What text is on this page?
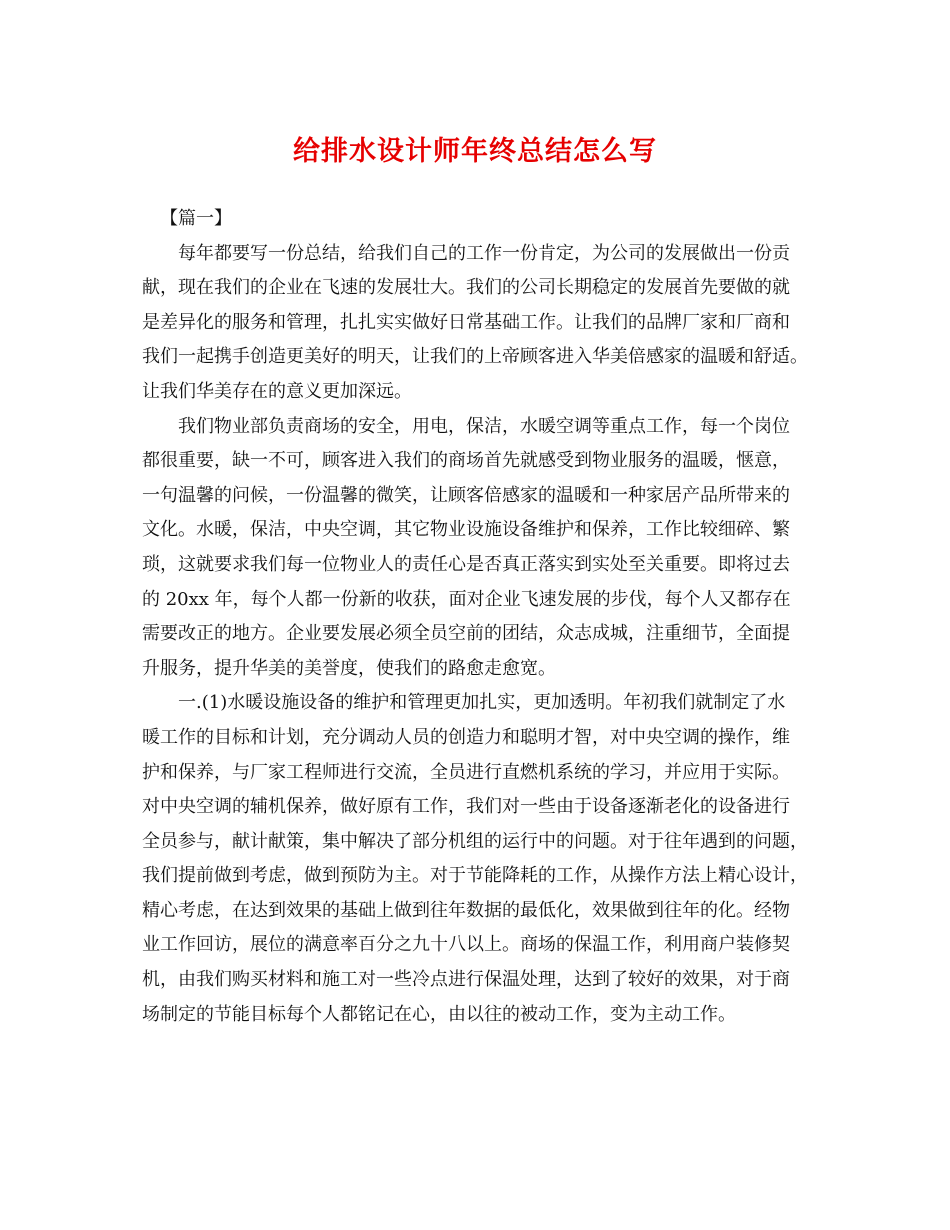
给排水设计师年终总结怎么写
【篇一】
每年都要写一份总结，给我们自己的工作一份肯定，为公司的发展做出一份贡
献，现在我们的企业在飞速的发展壮大。我们的公司长期稳定的发展首先要做的就
是差异化的服务和管理，扎扎实实做好日常基础工作。让我们的品牌厂家和厂商和
我们一起携手创造更美好的明天，让我们的上帝顾客进入华美倍感家的温暖和舒适。
让我们华美存在的意义更加深远。
我们物业部负责商场的安全，用电，保洁，水暖空调等重点工作，每一个岗位
都很重要，缺一不可，顾客进入我们的商场首先就感受到物业服务的温暖，惬意，
一句温馨的问候，一份温馨的微笑，让顾客倍感家的温暖和一种家居产品所带来的
文化。水暖，保洁，中央空调，其它物业设施设备维护和保养，工作比较细碎、繁
琐，这就要求我们每一位物业人的责任心是否真正落实到实处至关重要。即将过去
的 20xx 年，每个人都一份新的收获，面对企业飞速发展的步伐，每个人又都存在
需要改正的地方。企业要发展必须全员空前的团结，众志成城，注重细节，全面提
升服务，提升华美的美誉度，使我们的路愈走愈宽。
一.(1)水暖设施设备的维护和管理更加扎实，更加透明。年初我们就制定了水
暖工作的目标和计划，充分调动人员的创造力和聪明才智，对中央空调的操作，维
护和保养，与厂家工程师进行交流，全员进行直燃机系统的学习，并应用于实际。
对中央空调的辅机保养，做好原有工作，我们对一些由于设备逐渐老化的设备进行
全员参与，献计献策，集中解决了部分机组的运行中的问题。对于往年遇到的问题，
我们提前做到考虑，做到预防为主。对于节能降耗的工作，从操作方法上精心设计，
精心考虑，在达到效果的基础上做到往年数据的最低化，效果做到往年的化。经物
业工作回访，展位的满意率百分之九十八以上。商场的保温工作，利用商户装修契
机，由我们购买材料和施工对一些冷点进行保温处理，达到了较好的效果，对于商
场制定的节能目标每个人都铭记在心，由以往的被动工作，变为主动工作。
